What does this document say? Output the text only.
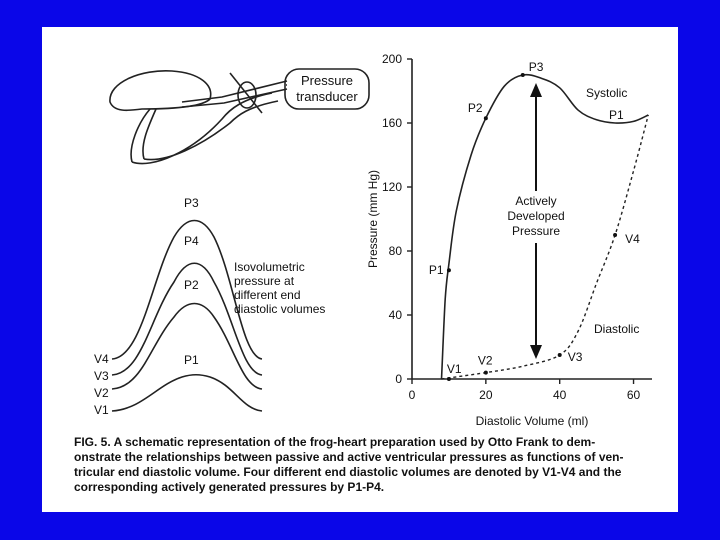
Pressure
transducer
P3
P4
P2
P1
V4
V3
V2
V1
Isovolumetric
pressure at
different end
diastolic volumes
200
160
120
80
40
0
0	20	40	60
Pressure (mm Hg)
Diastolic Volume (ml)
P3
P2
P1
V1
V2	V3
V4
Systolic
P1
Diastolic
Actively
Developed
Pressure
FIG. 5. A schematic representation of the frog-heart preparation used by Otto Frank to dem-
onstrate the relationships between passive and active ventricular pressures as functions of ven-
tricular end diastolic volume. Four different end diastolic volumes are denoted by V1-V4 and the
corresponding actively generated pressures by P1-P4.
